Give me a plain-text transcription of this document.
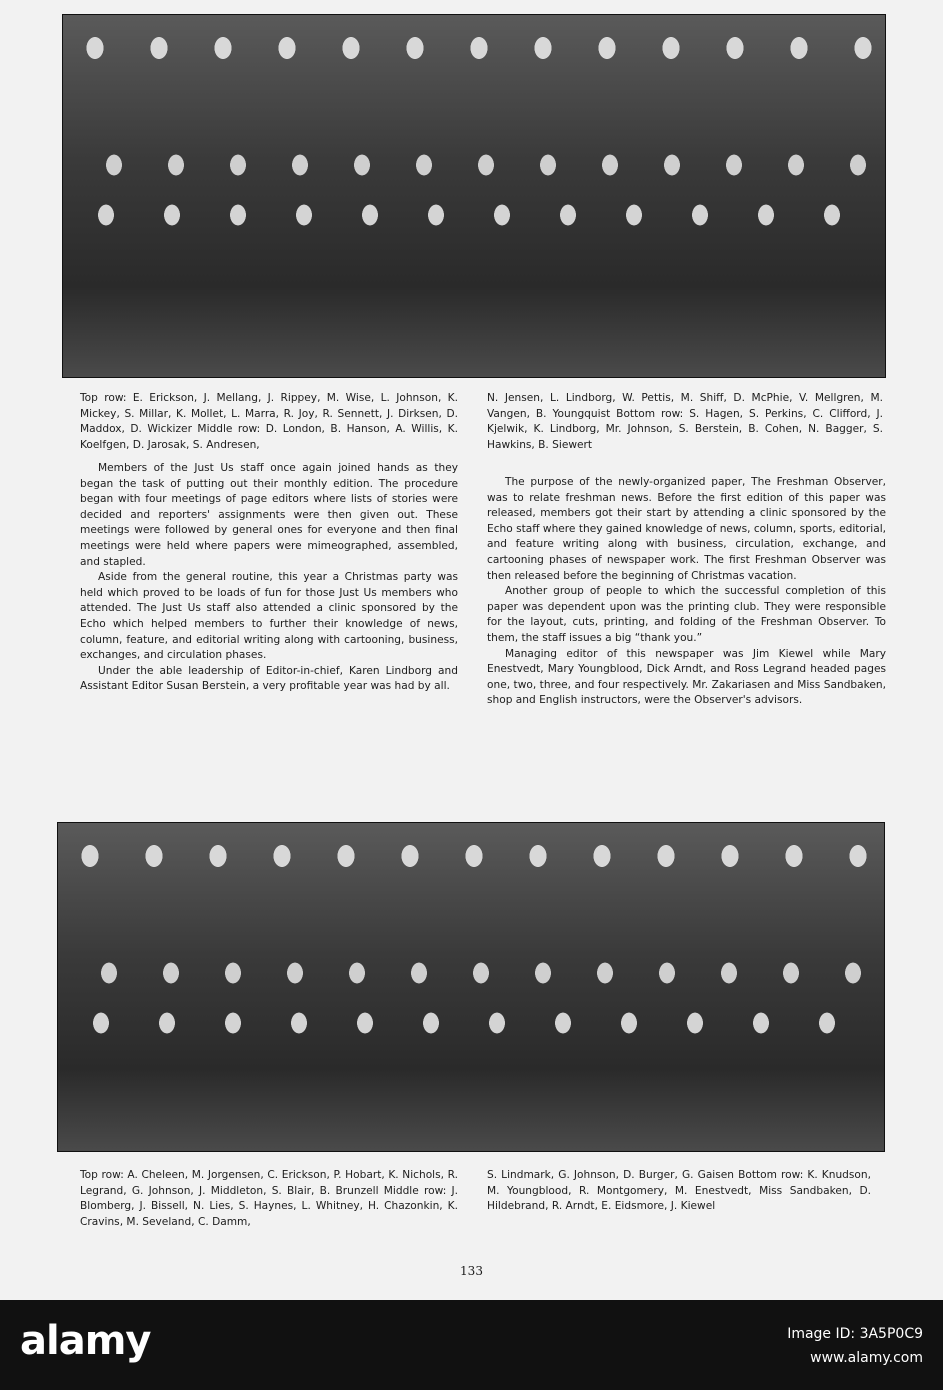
Top row: E. Erickson, J. Mellang, J. Rippey, M. Wise, L. Johnson, K. Mickey, S. Millar, K. Mollet, L. Marra, R. Joy, R. Sennett, J. Dirksen, D. Maddox, D. Wickizer Middle row: D. London, B. Hanson, A. Willis, K. Koelfgen, D. Jarosak, S. Andresen,

N. Jensen, L. Lindborg, W. Pettis, M. Shiff, D. McPhie, V. Mellgren, M. Vangen, B. Youngquist Bottom row: S. Hagen, S. Perkins, C. Clifford, J. Kjelwik, K. Lindborg, Mr. Johnson, S. Berstein, B. Cohen, N. Bagger, S. Hawkins, B. Siewert

Members of the Just Us staff once again joined hands as they began the task of putting out their monthly edition. The procedure began with four meetings of page editors where lists of stories were decided and reporters' assignments were then given out. These meetings were followed by general ones for everyone and then final meetings were held where papers were mimeographed, assembled, and stapled.

Aside from the general routine, this year a Christmas party was held which proved to be loads of fun for those Just Us members who attended. The Just Us staff also attended a clinic sponsored by the Echo which helped members to further their knowledge of news, column, feature, and editorial writing along with cartooning, business, exchanges, and circulation phases.

Under the able leadership of Editor-in-chief, Karen Lindborg and Assistant Editor Susan Berstein, a very profitable year was had by all.

The purpose of the newly-organized paper, The Freshman Observer, was to relate freshman news. Before the first edition of this paper was released, members got their start by attending a clinic sponsored by the Echo staff where they gained knowledge of news, column, sports, editorial, and feature writing along with business, circulation, exchange, and cartooning phases of newspaper work. The first Freshman Observer was then released before the beginning of Christmas vacation.

Another group of people to which the successful completion of this paper was dependent upon was the printing club. They were responsible for the layout, cuts, printing, and folding of the Freshman Observer. To them, the staff issues a big “thank you.”

Managing editor of this newspaper was Jim Kiewel while Mary Enestvedt, Mary Youngblood, Dick Arndt, and Ross Legrand headed pages one, two, three, and four respectively. Mr. Zakariasen and Miss Sandbaken, shop and English instructors, were the Observer's advisors.

Top row: A. Cheleen, M. Jorgensen, C. Erickson, P. Hobart, K. Nichols, R. Legrand, G. Johnson, J. Middleton, S. Blair, B. Brunzell Middle row: J. Blomberg, J. Bissell, N. Lies, S. Haynes, L. Whitney, H. Chazonkin, K. Cravins, M. Seveland, C. Damm,

S. Lindmark, G. Johnson, D. Burger, G. Gaisen Bottom row: K. Knudson, M. Youngblood, R. Montgomery, M. Enestvedt, Miss Sandbaken, D. Hildebrand, R. Arndt, E. Eidsmore, J. Kiewel

133
alamy	Image ID: 3A5P0C9
www.alamy.com
